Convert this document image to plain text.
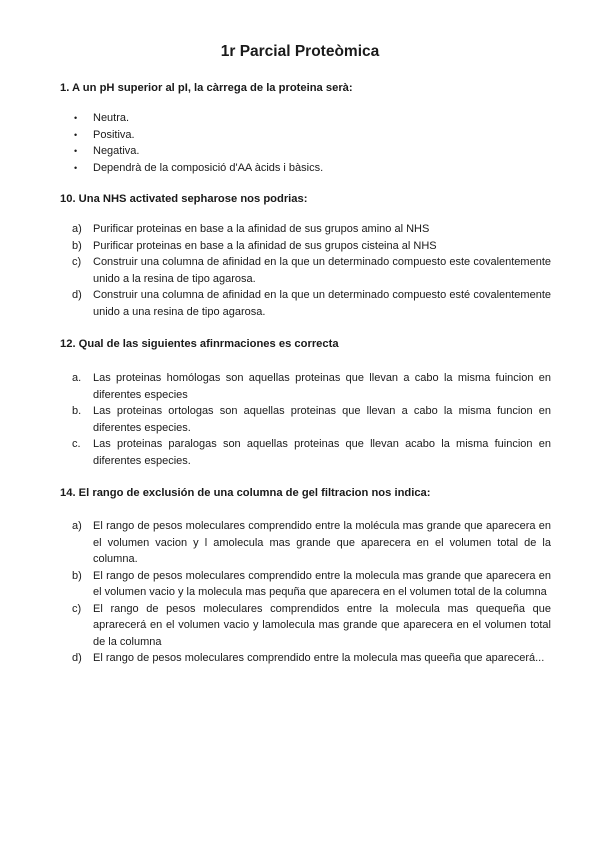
1r Parcial Proteòmica
1. A un pH superior al pI, la càrrega de la proteina serà:
• Neutra.
• Positiva.
• Negativa.
• Dependrà de la composició d'AA àcids i bàsics.
10. Una NHS activated sepharose nos podrias:
a) Purificar proteinas en base a la afinidad de sus grupos amino al NHS
b) Purificar proteinas en base a la afinidad de sus grupos cisteina al NHS
c) Construir una columna de afinidad en la que un determinado compuesto este covalentemente unido a la resina de tipo agarosa.
d) Construir una columna de afinidad en la que un determinado compuesto esté covalentemente unido a una resina de tipo agarosa.
12. Qual de las siguientes afinrmaciones es correcta
a. Las proteinas homólogas son aquellas proteinas que llevan a cabo la misma fuincion en diferentes especies
b. Las proteinas ortologas son aquellas proteinas que llevan a cabo la misma funcion en diferentes especies.
c. Las proteinas paralogas son aquellas proteinas que llevan acabo la misma fuincion en diferentes especies.
14. El rango de exclusión de una columna de gel filtracion nos indica:
a) El rango de pesos moleculares comprendido entre la molécula mas grande que aparecera en el volumen vacion y l amolecula mas grande que aparecera en el volumen total de la columna.
b) El rango de pesos moleculares comprendido entre la molecula mas grande que aparecera en el volumen vacio y la molecula mas pequña que aparecera en el volumen total de la columna
c) El rango de pesos moleculares comprendidos entre la molecula mas quequeña que aprarecerá en el volumen vacio y lamolecula mas grande que aparecera en el volumen total de la columna
d) El rango de pesos moleculares comprendido entre la molecula mas queeña que aparecerá...
